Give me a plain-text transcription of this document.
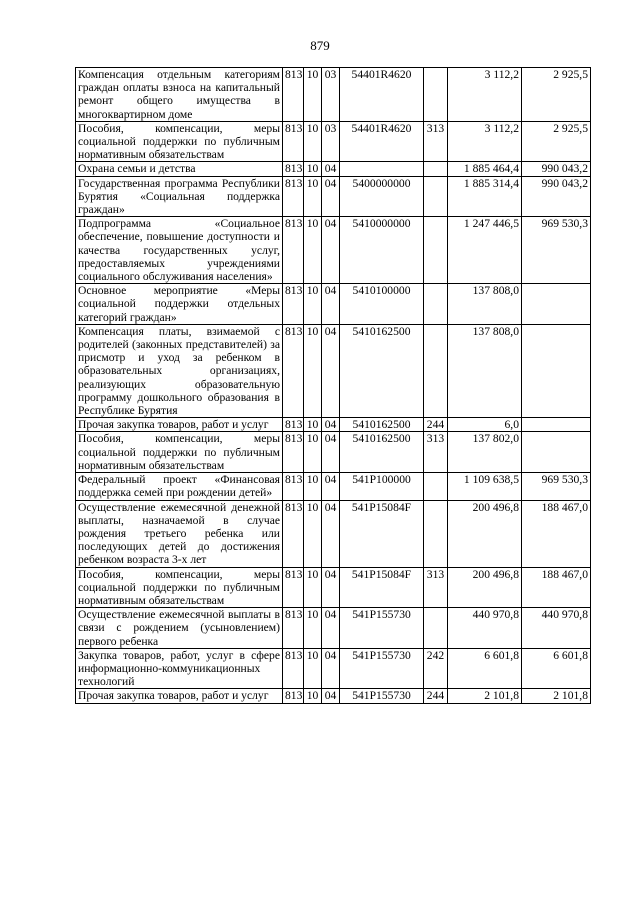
879
Компенсация отдельным категориям граждан оплаты взноса на капитальный ремонт общего имущества в многоквартирном доме	813	10	03	54401R4620		3 112,2	2 925,5
Пособия, компенсации, меры социальной поддержки по публичным нормативным обязательствам	813	10	03	54401R4620	313	3 112,2	2 925,5
Охрана семьи и детства	813	10	04			1 885 464,4	990 043,2
Государственная программа Республики Бурятия «Социальная поддержка граждан»	813	10	04	5400000000		1 885 314,4	990 043,2
Подпрограмма «Социальное обеспечение, повышение доступности и качества государственных услуг, предоставляемых учреждениями социального обслуживания населения»	813	10	04	5410000000		1 247 446,5	969 530,3
Основное мероприятие «Меры социальной поддержки отдельных категорий граждан»	813	10	04	5410100000		137 808,0	
Компенсация платы, взимаемой с родителей (законных представителей) за присмотр и уход за ребенком в образовательных организациях, реализующих образовательную программу дошкольного образования в Республике Бурятия	813	10	04	5410162500		137 808,0	
Прочая закупка товаров, работ и услуг	813	10	04	5410162500	244	6,0	
Пособия, компенсации, меры социальной поддержки по публичным нормативным обязательствам	813	10	04	5410162500	313	137 802,0	
Федеральный проект «Финансовая поддержка семей при рождении детей»	813	10	04	541P100000		1 109 638,5	969 530,3
Осуществление ежемесячной денежной выплаты, назначаемой в случае рождения третьего ребенка или последующих детей до достижения ребенком возраста 3-х лет	813	10	04	541P15084F		200 496,8	188 467,0
Пособия, компенсации, меры социальной поддержки по публичным нормативным обязательствам	813	10	04	541P15084F	313	200 496,8	188 467,0
Осуществление ежемесячной выплаты в связи с рождением (усыновлением) первого ребенка	813	10	04	541P155730		440 970,8	440 970,8
Закупка товаров, работ, услуг в сфере информационно-коммуникационных технологий	813	10	04	541P155730	242	6 601,8	6 601,8
Прочая закупка товаров, работ и услуг	813	10	04	541P155730	244	2 101,8	2 101,8
